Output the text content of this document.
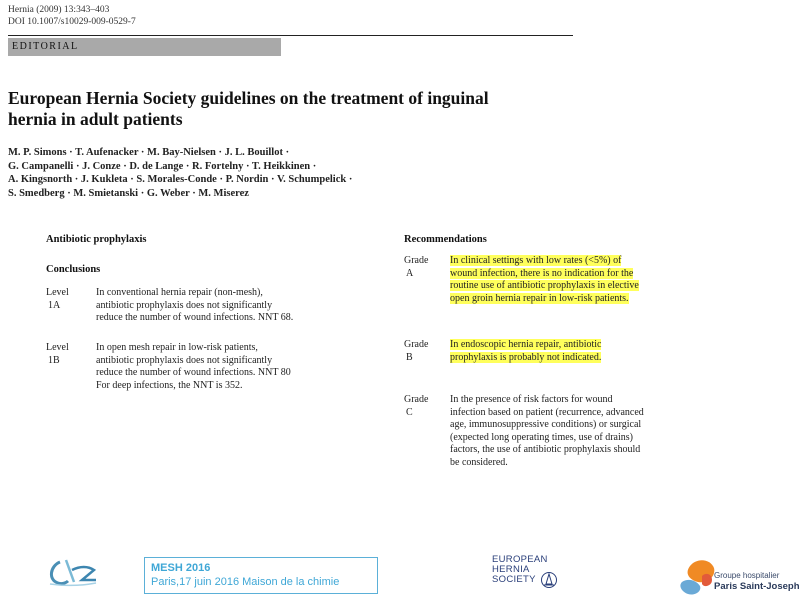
Hernia (2009) 13:343–403
DOI 10.1007/s10029-009-0529-7
EDITORIAL
European Hernia Society guidelines on the treatment of inguinal
hernia in adult patients
M. P. Simons · T. Aufenacker · M. Bay-Nielsen · J. L. Bouillot ·
G. Campanelli · J. Conze · D. de Lange · R. Fortelny · T. Heikkinen ·
A. Kingsnorth · J. Kukleta · S. Morales-Conde · P. Nordin · V. Schumpelick ·
S. Smedberg · M. Smietanski · G. Weber · M. Miserez
Antibiotic prophylaxis
Conclusions
Level
1A
In conventional hernia repair (non-mesh),
antibiotic prophylaxis does not significantly
reduce the number of wound infections. NNT 68.
Level
1B
In open mesh repair in low-risk patients,
antibiotic prophylaxis does not significantly
reduce the number of wound infections. NNT 80
For deep infections, the NNT is 352.
Recommendations
Grade
A
In clinical settings with low rates (<5%) of
wound infection, there is no indication for the
routine use of antibiotic prophylaxis in elective
open groin hernia repair in low-risk patients.
Grade
B
In endoscopic hernia repair, antibiotic
prophylaxis is probably not indicated.
Grade
C
In the presence of risk factors for wound
infection based on patient (recurrence, advanced
age, immunosuppressive conditions) or surgical
(expected long operating times, use of drains)
factors, the use of antibiotic prophylaxis should
be considered.
MESH 2016
Paris,17 juin 2016 Maison de la chimie
EUROPEAN
HERNIA
SOCIETY	Groupe hospitalier
Paris Saint-Joseph
